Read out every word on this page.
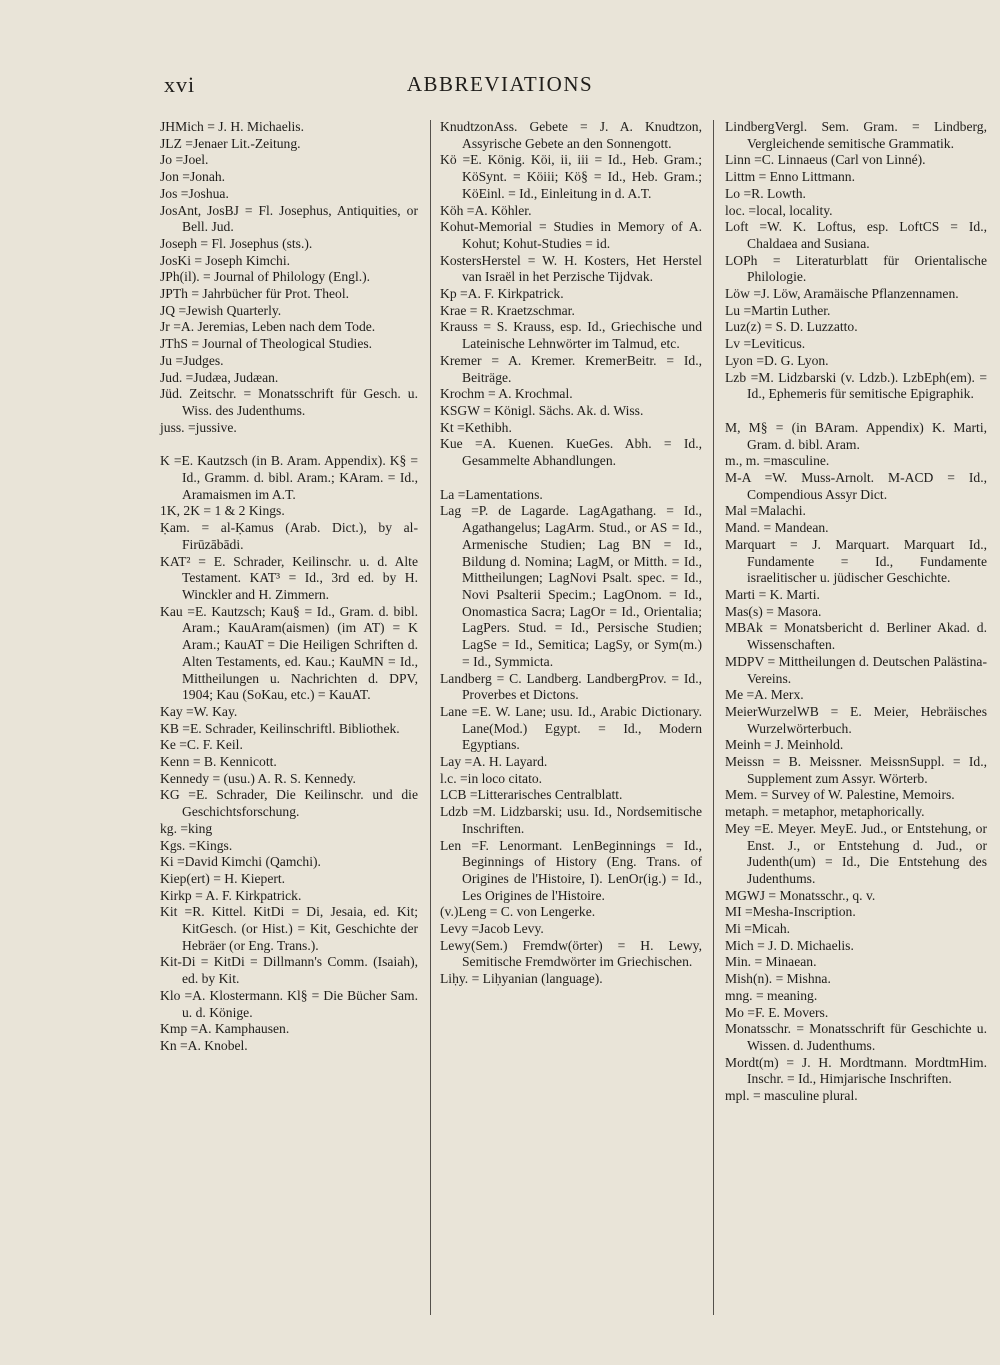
xvi	ABBREVIATIONS
JHMich = J. H. Michaelis.
JLZ =Jenaer Lit.-Zeitung.
Jo =Joel.
Jon =Jonah.
Jos =Joshua.
JosAnt, JosBJ = Fl. Josephus, Antiquities, or Bell. Jud.
Joseph = Fl. Josephus (sts.).
JosKi = Joseph Kimchi.
JPh(il). = Journal of Philology (Engl.).
JPTh = Jahrbücher für Prot. Theol.
JQ =Jewish Quarterly.
Jr =A. Jeremias, Leben nach dem Tode.
JThS = Journal of Theological Studies.
Ju =Judges.
Jud. =Judæa, Judæan.
Jüd. Zeitschr. = Monatsschrift für Gesch. u. Wiss. des Judenthums.
juss. =jussive.
K =E. Kautzsch (in B. Aram. Appendix). K§ = Id., Gramm. d. bibl. Aram.; KAram. = Id., Aramaismen im A.T.
1K, 2K = 1 & 2 Kings.
Ḳam. = al-Ḳamus (Arab. Dict.), by al-Firūzābādi.
KAT² = E. Schrader, Keilinschr. u. d. Alte Testament. KAT³ = Id., 3rd ed. by H. Winckler and H. Zimmern.
Kau =E. Kautzsch; Kau§ = Id., Gram. d. bibl. Aram.; KauAram(aismen) (im AT) = K Aram.; KauAT = Die Heiligen Schriften d. Alten Testaments, ed. Kau.; KauMN = Id., Mittheilungen u. Nachrichten d. DPV, 1904; Kau (SoKau, etc.) = KauAT.
Kay =W. Kay.
KB =E. Schrader, Keilinschriftl. Bibliothek.
Ke =C. F. Keil.
Kenn = B. Kennicott.
Kennedy = (usu.) A. R. S. Kennedy.
KG =E. Schrader, Die Keilinschr. und die Geschichtsforschung.
kg. =king
Kgs. =Kings.
Ki =David Kimchi (Qamchi).
Kiep(ert) = H. Kiepert.
Kirkp = A. F. Kirkpatrick.
Kit =R. Kittel. KitDi = Di, Jesaia, ed. Kit; KitGesch. (or Hist.) = Kit, Geschichte der Hebräer (or Eng. Trans.).
Kit-Di = KitDi = Dillmann's Comm. (Isaiah), ed. by Kit.
Klo =A. Klostermann. Kl§ = Die Bücher Sam. u. d. Könige.
Kmp =A. Kamphausen.
Kn =A. Knobel.
KnudtzonAss. Gebete = J. A. Knudtzon, Assyrische Gebete an den Sonnengott.
Kö =E. König. Köi, ii, iii = Id., Heb. Gram.; KöSynt. = Köiii; Kö§ = Id., Heb. Gram.; KöEinl. = Id., Einleitung in d. A.T.
Köh =A. Köhler.
Kohut-Memorial = Studies in Memory of A. Kohut; Kohut-Studies = id.
KostersHerstel = W. H. Kosters, Het Herstel van Israël in het Perzische Tijdvak.
Kp =A. F. Kirkpatrick.
Krae = R. Kraetzschmar.
Krauss = S. Krauss, esp. Id., Griechische und Lateinische Lehnwörter im Talmud, etc.
Kremer = A. Kremer. KremerBeitr. = Id., Beiträge.
Krochm = A. Krochmal.
KSGW = Königl. Sächs. Ak. d. Wiss.
Kt =Kethibh.
Kue =A. Kuenen. KueGes. Abh. = Id., Gesammelte Abhandlungen.
La =Lamentations.
Lag =P. de Lagarde. LagAgathang. = Id., Agathangelus; LagArm. Stud., or AS = Id., Armenische Studien; Lag BN = Id., Bildung d. Nomina; LagM, or Mitth. = Id., Mittheilungen; LagNovi Psalt. spec. = Id., Novi Psalterii Specim.; LagOnom. = Id., Onomastica Sacra; LagOr = Id., Orientalia; LagPers. Stud. = Id., Persische Studien; LagSe = Id., Semitica; LagSy, or Sym(m.) = Id., Symmicta.
Landberg = C. Landberg. LandbergProv. = Id., Proverbes et Dictons.
Lane =E. W. Lane; usu. Id., Arabic Dictionary. Lane(Mod.) Egypt. = Id., Modern Egyptians.
Lay =A. H. Layard.
l.c. =in loco citato.
LCB =Litterarisches Centralblatt.
Ldzb =M. Lidzbarski; usu. Id., Nordsemitische Inschriften.
Len =F. Lenormant. LenBeginnings = Id., Beginnings of History (Eng. Trans. of Origines de l'Histoire, I). LenOr(ig.) = Id., Les Origines de l'Histoire.
(v.)Leng = C. von Lengerke.
Levy =Jacob Levy.
Lewy(Sem.) Fremdw(örter) = H. Lewy, Semitische Fremdwörter im Griechischen.
Liḥy. = Liḥyanian (language).
LindbergVergl. Sem. Gram. = Lindberg, Vergleichende semitische Grammatik.
Linn =C. Linnaeus (Carl von Linné).
Littm = Enno Littmann.
Lo =R. Lowth.
loc. =local, locality.
Loft =W. K. Loftus, esp. LoftCS = Id., Chaldaea and Susiana.
LOPh = Literaturblatt für Orientalische Philologie.
Löw =J. Löw, Aramäische Pflanzennamen.
Lu =Martin Luther.
Luz(z) = S. D. Luzzatto.
Lv =Leviticus.
Lyon =D. G. Lyon.
Lzb =M. Lidzbarski (v. Ldzb.). LzbEph(em). = Id., Ephemeris für semitische Epigraphik.
M, M§ = (in BAram. Appendix) K. Marti, Gram. d. bibl. Aram.
m., m. =masculine.
M-A =W. Muss-Arnolt. M-ACD = Id., Compendious Assyr Dict.
Mal =Malachi.
Mand. = Mandean.
Marquart = J. Marquart. Marquart Id., Fundamente = Id., Fundamente israelitischer u. jüdischer Geschichte.
Marti = K. Marti.
Mas(s) = Masora.
MBAk = Monatsbericht d. Berliner Akad. d. Wissenschaften.
MDPV = Mittheilungen d. Deutschen Palästina-Vereins.
Me =A. Merx.
MeierWurzelWB = E. Meier, Hebräisches Wurzelwörterbuch.
Meinh = J. Meinhold.
Meissn = B. Meissner. MeissnSuppl. = Id., Supplement zum Assyr. Wörterb.
Mem. = Survey of W. Palestine, Memoirs.
metaph. = metaphor, metaphorically.
Mey =E. Meyer. MeyE. Jud., or Entstehung, or Enst. J., or Entstehung d. Jud., or Judenth(um) = Id., Die Entstehung des Judenthums.
MGWJ = Monatsschr., q. v.
MI =Mesha-Inscription.
Mi =Micah.
Mich = J. D. Michaelis.
Min. = Minaean.
Mish(n). = Mishna.
mng. = meaning.
Mo =F. E. Movers.
Monatsschr. = Monatsschrift für Geschichte u. Wissen. d. Judenthums.
Mordt(m) = J. H. Mordtmann. MordtmHim. Inschr. = Id., Himjarische Inschriften.
mpl. = masculine plural.
